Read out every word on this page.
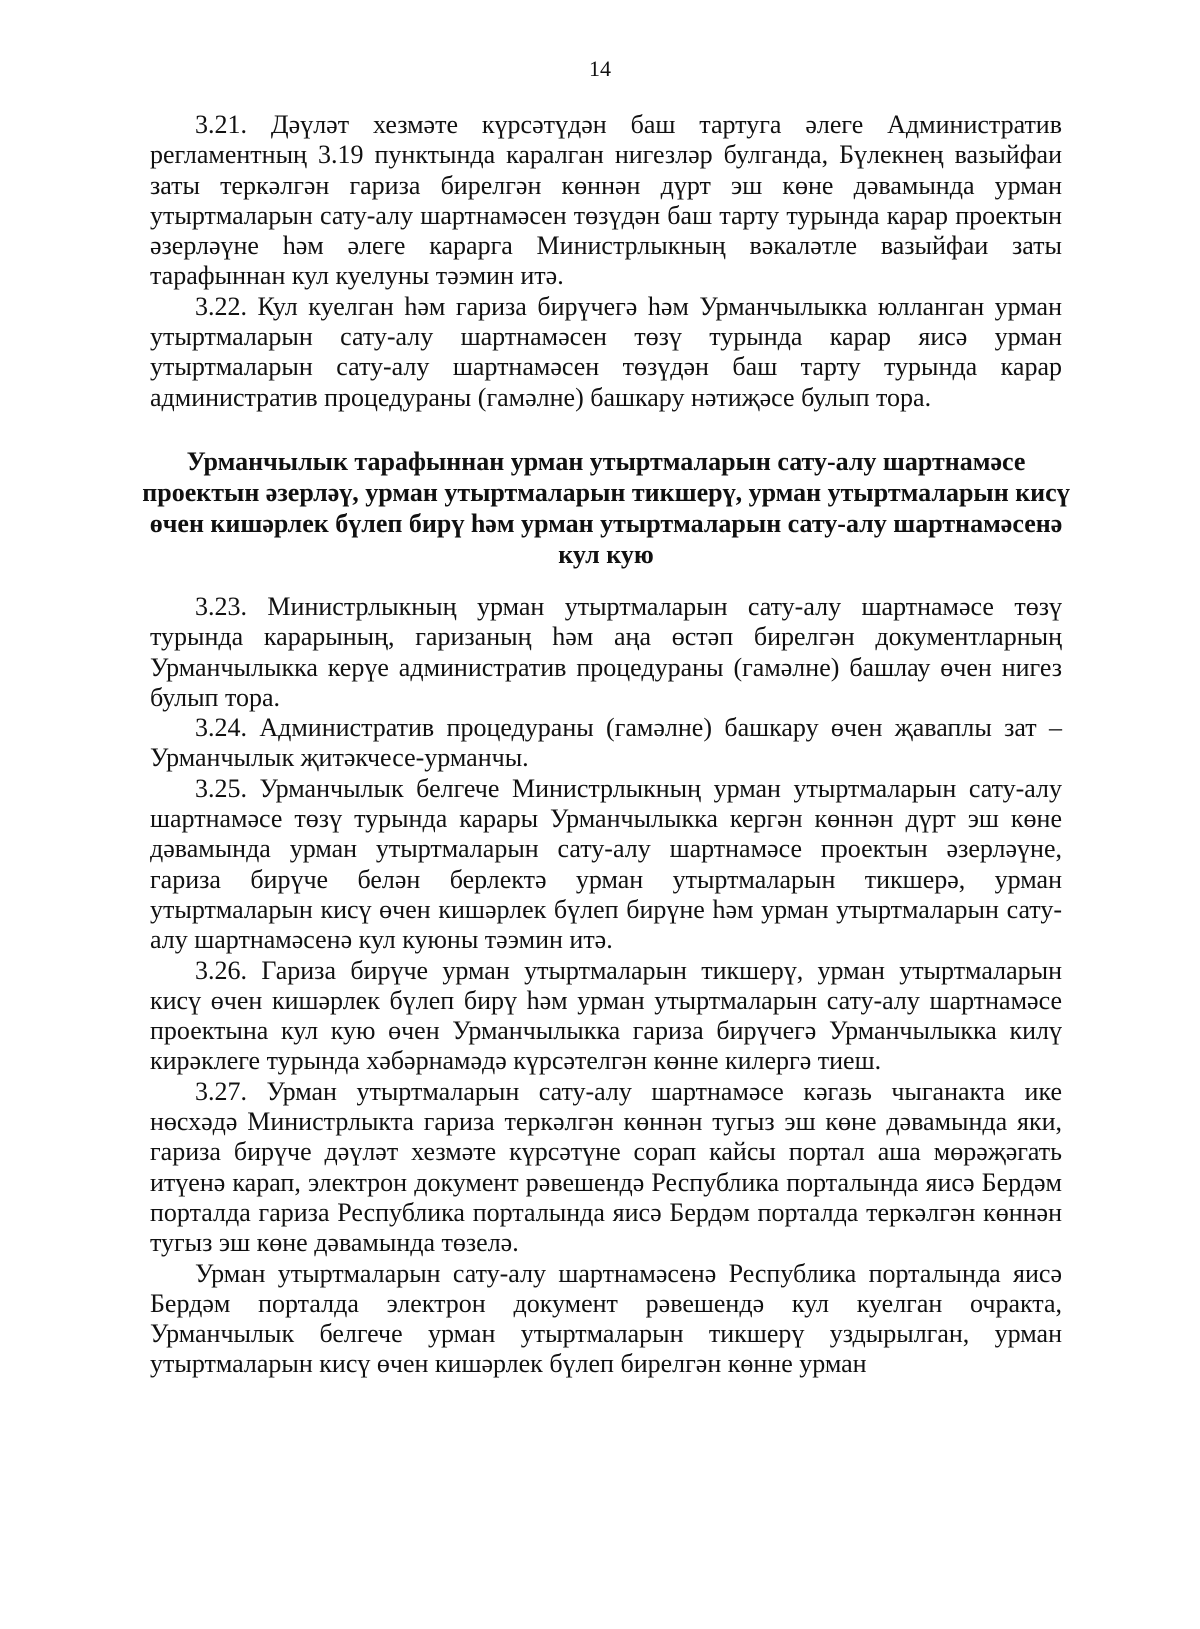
14

3.21. Дәүләт хезмәте күрсәтүдән баш тартуга әлеге Административ регламентның 3.19 пунктында каралган нигезләр булганда, Бүлекнең вазыйфаи заты теркәлгән гариза бирелгән көннән дүрт эш көне дәвамында урман утыртмаларын сату-алу шартнамәсен төзүдән баш тарту турында карар проектын әзерләүне һәм әлеге карарга Министрлыкның вәкаләтле вазыйфаи заты тарафыннан кул куелуны тәэмин итә.

3.22. Кул куелган һәм гариза бирүчегә һәм Урманчылыкка юлланган урман утыртмаларын сату-алу шартнамәсен төзү турында карар яисә урман утыртмаларын сату-алу шартнамәсен төзүдән баш тарту турында карар административ процедураны (гамәлне) башкару нәтиҗәсе булып тора.

Урманчылык тарафыннан урман утыртмаларын сату-алу шартнамәсе проектын әзерләү, урман утыртмаларын тикшерү, урман утыртмаларын кисү өчен кишәрлек бүлеп бирү һәм урман утыртмаларын сату-алу шартнамәсенә кул кую

3.23. Министрлыкның урман утыртмаларын сату-алу шартнамәсе төзү турында карарының, гаризаның һәм аңа өстәп бирелгән документларның Урманчылыкка керүе административ процедураны (гамәлне) башлау өчен нигез булып тора.

3.24. Административ процедураны (гамәлне) башкару өчен җаваплы зат – Урманчылык җитәкчесе-урманчы.

3.25. Урманчылык белгече Министрлыкның урман утыртмаларын сату-алу шартнамәсе төзү турында карары Урманчылыкка кергән көннән дүрт эш көне дәвамында урман утыртмаларын сату-алу шартнамәсе проектын әзерләүне, гариза бирүче белән берлектә урман утыртмаларын тикшерә, урман утыртмаларын кисү өчен кишәрлек бүлеп бирүне һәм урман утыртмаларын сату-алу шартнамәсенә кул куюны тәэмин итә.

3.26. Гариза бирүче урман утыртмаларын тикшерү, урман утыртмаларын кисү өчен кишәрлек бүлеп бирү һәм урман утыртмаларын сату-алу шартнамәсе проектына кул кую өчен Урманчылыкка гариза бирүчегә Урманчылыкка килү кирәклеге турында хәбәрнамәдә күрсәтелгән көнне килергә тиеш.

3.27. Урман утыртмаларын сату-алу шартнамәсе кәгазь чыганакта ике нөсхәдә Министрлыкта гариза теркәлгән көннән тугыз эш көне дәвамында яки, гариза бирүче дәүләт хезмәте күрсәтүне сорап кайсы портал аша мөрәҗәгать итүенә карап, электрон документ рәвешендә Республика порталында яисә Бердәм порталда гариза Республика порталында яисә Бердәм порталда теркәлгән көннән тугыз эш көне дәвамында төзелә.

Урман утыртмаларын сату-алу шартнамәсенә Республика порталында яисә Бердәм порталда электрон документ рәвешендә кул куелган очракта, Урманчылык белгече урман утыртмаларын тикшерү уздырылган, урман утыртмаларын кисү өчен кишәрлек бүлеп бирелгән көнне урман
